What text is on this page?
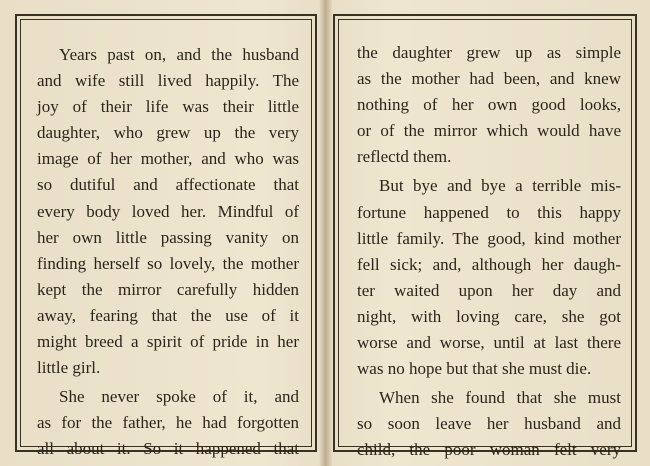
Years past on, and the husband
and wife still lived happily. The
joy of their life was their little
daughter, who grew up the very
image of her mother, and who was
so dutiful and affectionate that
every body loved her. Mindful of
her own little passing vanity on
finding herself so lovely, the mother
kept the mirror carefully hidden
away, fearing that the use of it
might breed a spirit of pride in her
little girl.
She never spoke of it, and
as for the father, he had forgotten
all about it. So it happened that
the daughter grew up as simple
as the mother had been, and knew
nothing of her own good looks,
or of the mirror which would have
reflectd them.
But bye and bye a terrible mis-
fortune happened to this happy
little family. The good, kind mother
fell sick; and, although her daugh-
ter waited upon her day and
night, with loving care, she got
worse and worse, until at last there
was no hope but that she must die.
When she found that she must
so soon leave her husband and
child, the poor woman felt very
